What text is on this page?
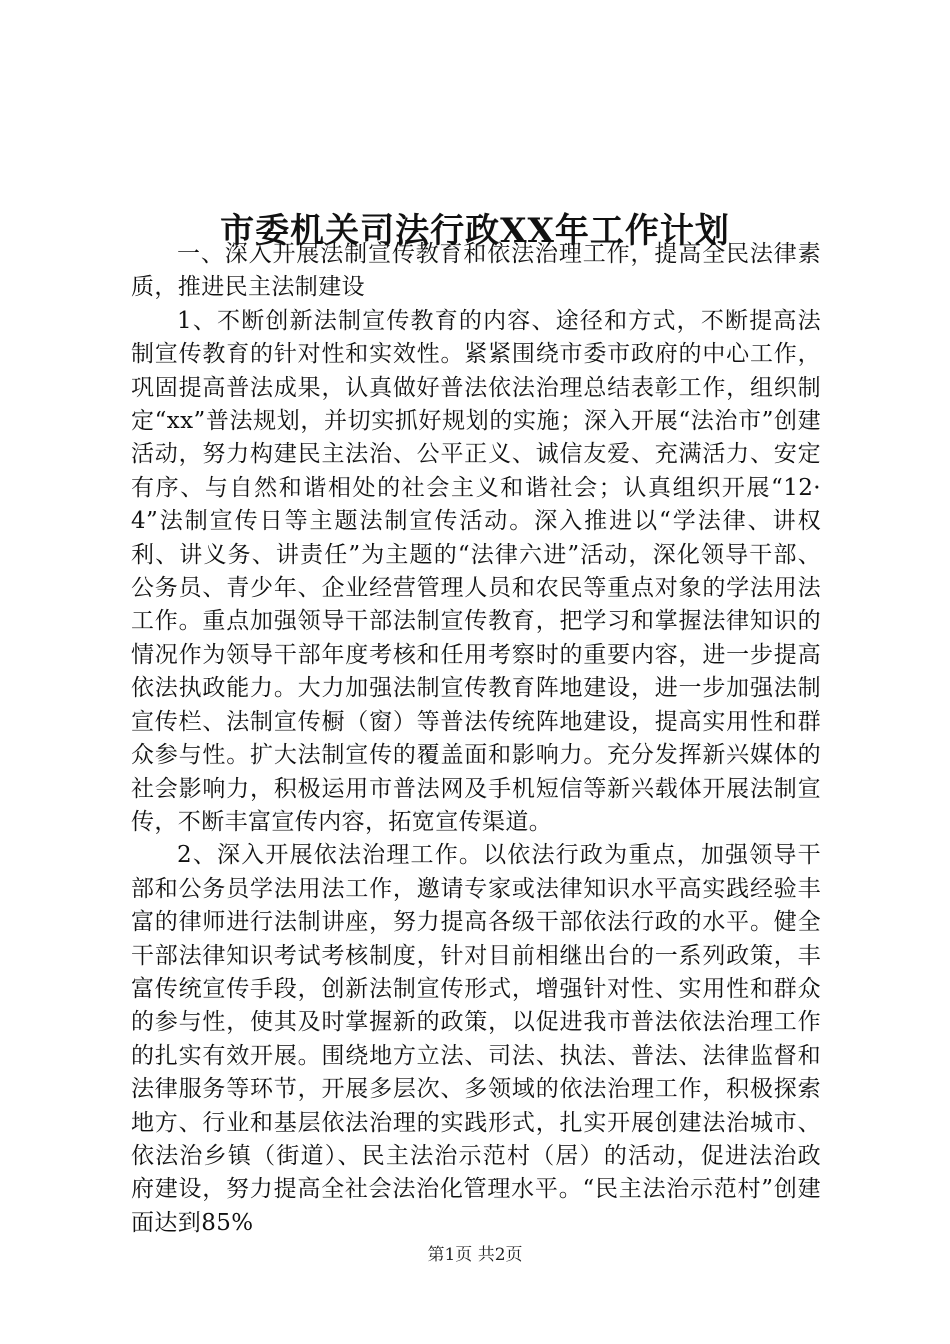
市委机关司法行政XX年工作计划

一、深入开展法制宣传教育和依法治理工作，提高全民法律素质，推进民主法制建设

1、不断创新法制宣传教育的内容、途径和方式，不断提高法制宣传教育的针对性和实效性。紧紧围绕市委市政府的中心工作，巩固提高普法成果，认真做好普法依法治理总结表彰工作，组织制定“xx”普法规划，并切实抓好规划的实施；深入开展“法治市”创建活动，努力构建民主法治、公平正义、诚信友爱、充满活力、安定有序、与自然和谐相处的社会主义和谐社会；认真组织开展“12·4”法制宣传日等主题法制宣传活动。深入推进以“学法律、讲权利、讲义务、讲责任”为主题的“法律六进”活动，深化领导干部、公务员、青少年、企业经营管理人员和农民等重点对象的学法用法工作。重点加强领导干部法制宣传教育，把学习和掌握法律知识的情况作为领导干部年度考核和任用考察时的重要内容，进一步提高依法执政能力。大力加强法制宣传教育阵地建设，进一步加强法制宣传栏、法制宣传橱（窗）等普法传统阵地建设，提高实用性和群众参与性。扩大法制宣传的覆盖面和影响力。充分发挥新兴媒体的社会影响力，积极运用市普法网及手机短信等新兴载体开展法制宣传，不断丰富宣传内容，拓宽宣传渠道。

2、深入开展依法治理工作。以依法行政为重点，加强领导干部和公务员学法用法工作，邀请专家或法律知识水平高实践经验丰富的律师进行法制讲座，努力提高各级干部依法行政的水平。健全干部法律知识考试考核制度，针对目前相继出台的一系列政策，丰富传统宣传手段，创新法制宣传形式，增强针对性、实用性和群众的参与性，使其及时掌握新的政策，以促进我市普法依法治理工作的扎实有效开展。围绕地方立法、司法、执法、普法、法律监督和法律服务等环节，开展多层次、多领域的依法治理工作，积极探索地方、行业和基层依法治理的实践形式，扎实开展创建法治城市、依法治乡镇（街道）、民主法治示范村（居）的活动，促进法治政府建设，努力提高全社会法治化管理水平。“民主法治示范村”创建面达到85%

第1页 共2页
